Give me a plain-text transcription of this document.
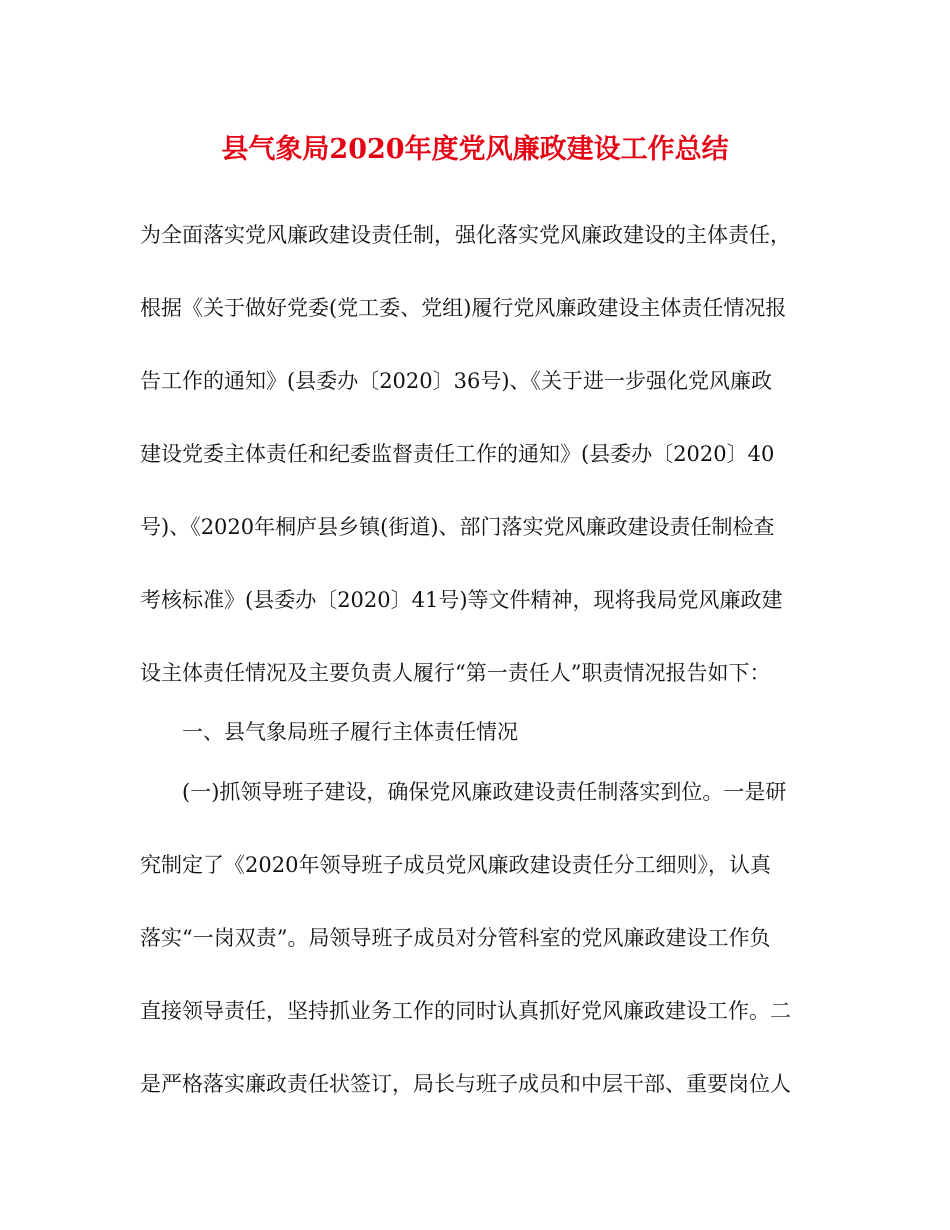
县气象局2020年度党风廉政建设工作总结
为全面落实党风廉政建设责任制，强化落实党风廉政建设的主体责任，
根据《关于做好党委(党工委、党组)履行党风廉政建设主体责任情况报
告工作的通知》(县委办〔2020〕36号)、《关于进一步强化党风廉政
建设党委主体责任和纪委监督责任工作的通知》(县委办〔2020〕40
号)、《2020年桐庐县乡镇(街道)、部门落实党风廉政建设责任制检查
考核标准》(县委办〔2020〕41号)等文件精神，现将我局党风廉政建
设主体责任情况及主要负责人履行“第一责任人”职责情况报告如下：
一、县气象局班子履行主体责任情况
(一)抓领导班子建设，确保党风廉政建设责任制落实到位。一是研
究制定了《2020年领导班子成员党风廉政建设责任分工细则》，认真
落实“一岗双责”。局领导班子成员对分管科室的党风廉政建设工作负
直接领导责任，坚持抓业务工作的同时认真抓好党风廉政建设工作。二
是严格落实廉政责任状签订，局长与班子成员和中层干部、重要岗位人
